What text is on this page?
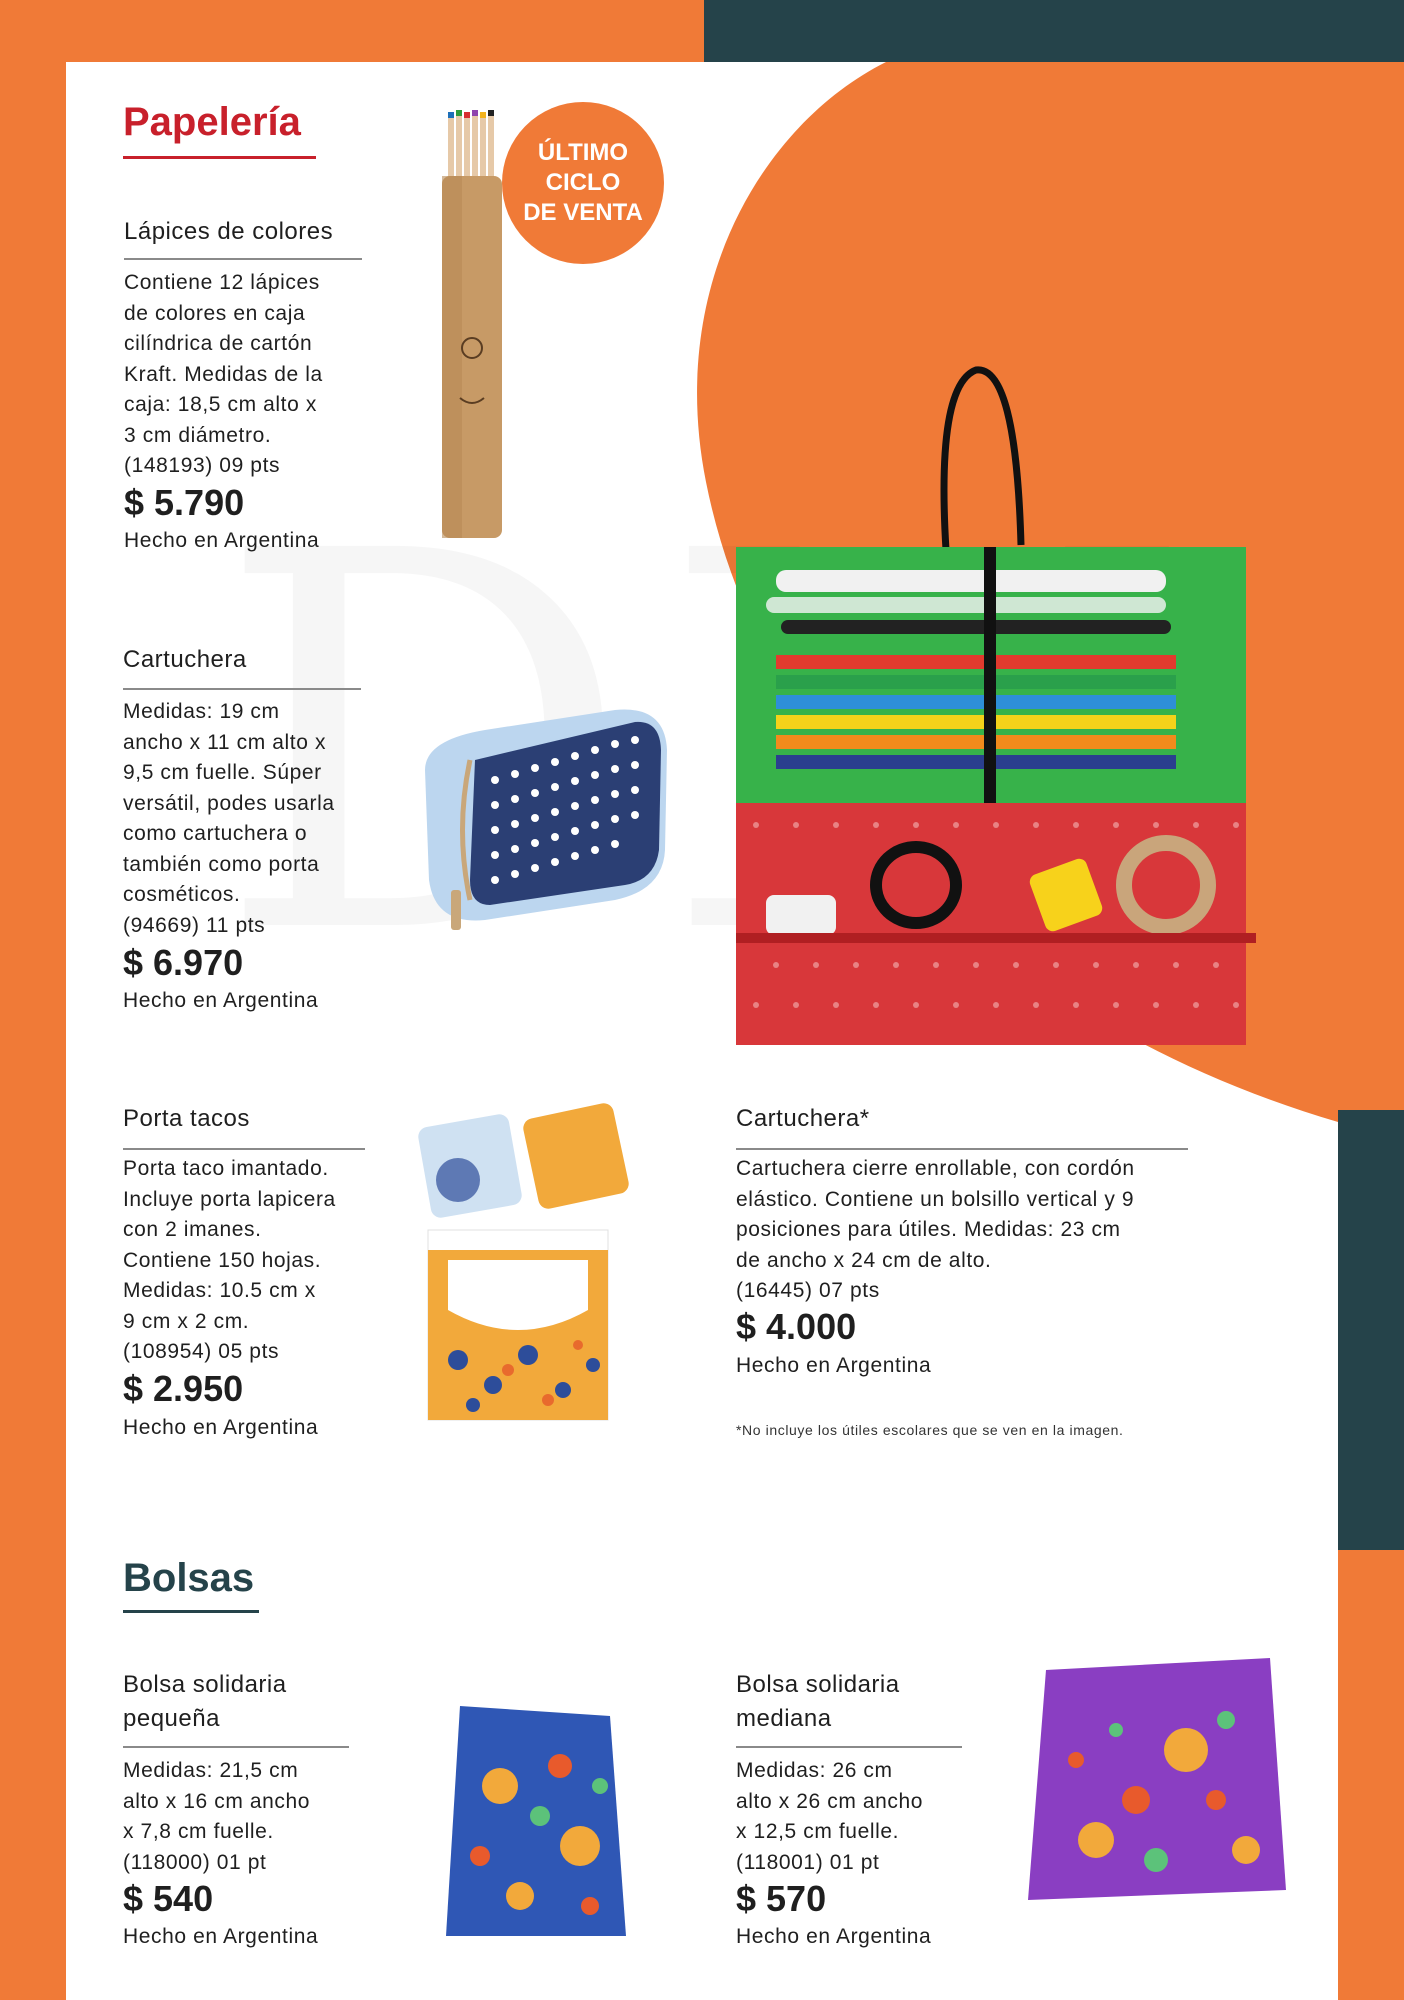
Papelería
ÚLTIMO
CICLO
DE VENTA
Lápices de colores
Contiene 12 lápices
de colores en caja
cilíndrica de cartón
Kraft. Medidas de la
caja: 18,5 cm alto x
3 cm diámetro.
(148193) 09 pts
$ 5.790
Hecho en Argentina
Cartuchera
Medidas: 19 cm
ancho x 11 cm alto x
9,5 cm fuelle. Súper
versátil, podes usarla
como cartuchera o
también como porta
cosméticos.
(94669) 11 pts
$ 6.970
Hecho en Argentina
Porta tacos
Porta taco imantado.
Incluye porta lapicera
con 2 imanes.
Contiene 150 hojas.
Medidas: 10.5 cm x
9 cm x 2 cm.
(108954) 05 pts
$ 2.950
Hecho en Argentina
Cartuchera*
Cartuchera cierre enrollable, con cordón
elástico. Contiene un bolsillo vertical y 9
posiciones para útiles. Medidas: 23 cm
de ancho x 24 cm de alto.
(16445) 07 pts
$ 4.000
Hecho en Argentina
*No incluye los útiles escolares que se ven en la imagen.
Bolsas
Bolsa solidaria
pequeña
Medidas: 21,5 cm
alto x 16 cm ancho
x 7,8 cm fuelle.
(118000) 01 pt
$ 540
Hecho en Argentina
Bolsa solidaria
mediana
Medidas: 26 cm
alto x 26 cm ancho
x 12,5 cm fuelle.
(118001) 01 pt
$ 570
Hecho en Argentina
